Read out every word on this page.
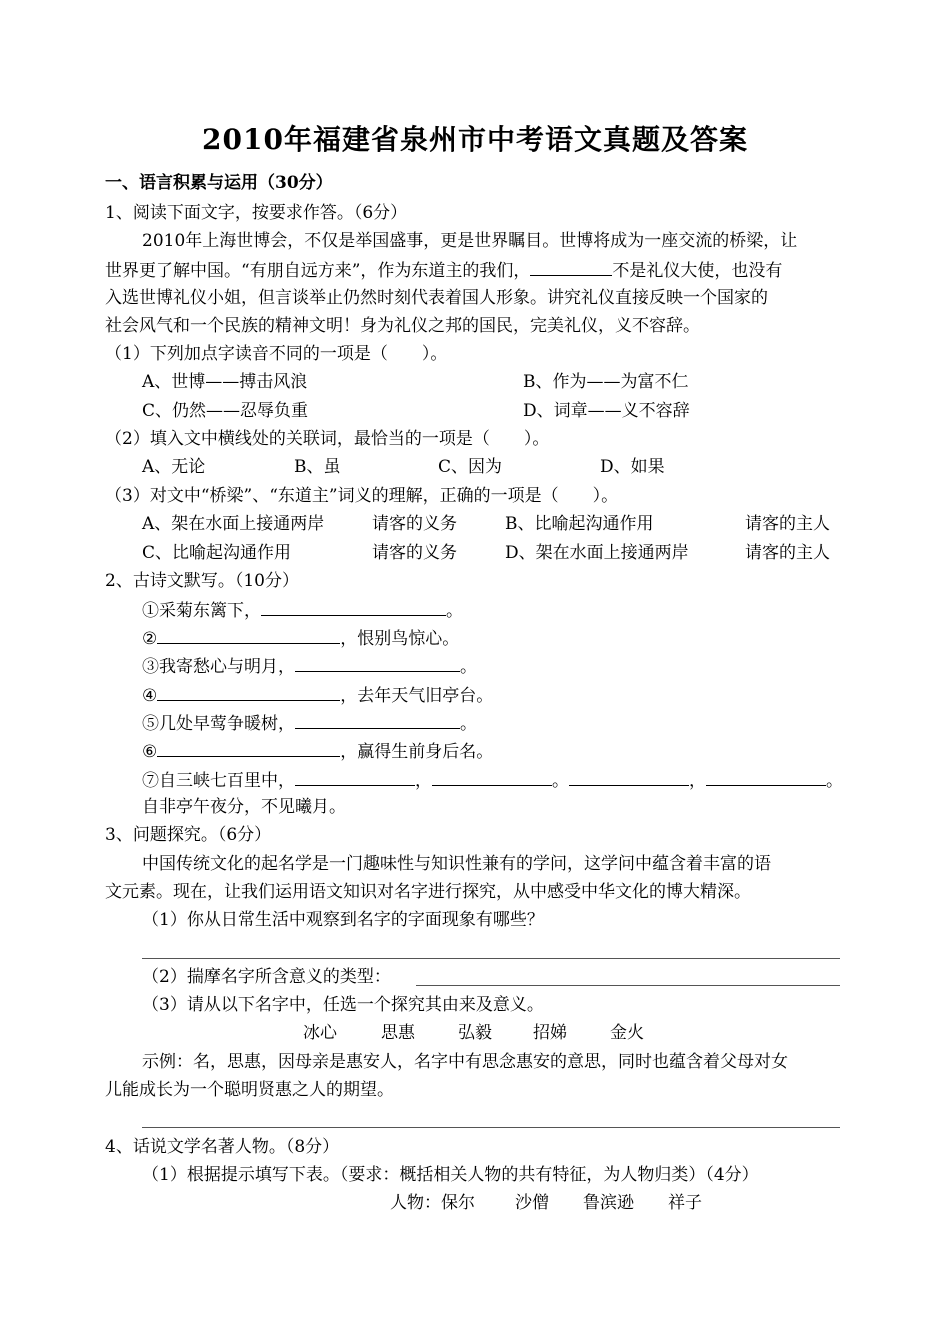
2010年福建省泉州市中考语文真题及答案
一、语言积累与运用（30分）
1、阅读下面文字，按要求作答。（6分）
2010年上海世博会，不仅是举国盛事，更是世界瞩目。世博将成为一座交流的桥梁，让
世界更了解中国。“有朋自远方来”，作为东道主的我们，	不是礼仪大使，也没有
入选世博礼仪小姐，但言谈举止仍然时刻代表着国人形象。讲究礼仪直接反映一个国家的
社会风气和一个民族的精神文明！身为礼仪之邦的国民，完美礼仪，义不容辞。
（1）下列加点字读音不同的一项是（　　）。
A、世博——搏击风浪	B、作为——为富不仁
C、仍然——忍辱负重	D、词章——义不容辞
（2）填入文中横线处的关联词，最恰当的一项是（　　）。
A、无论	B、虽	C、因为	D、如果
（3）对文中“桥梁”、“东道主”词义的理解，正确的一项是（　　）。
A、架在水面上接通两岸	请客的义务	B、比喻起沟通作用	请客的主人
C、比喻起沟通作用	请客的义务	D、架在水面上接通两岸	请客的主人
2、古诗文默写。（10分）
①采菊东篱下，	。
②	，恨别鸟惊心。
③我寄愁心与明月，	。
④	，去年天气旧亭台。
⑤几处早莺争暖树，	。
⑥	，赢得生前身后名。
⑦自三峡七百里中，	，	。	，	。
自非亭午夜分，不见曦月。
3、问题探究。（6分）
中国传统文化的起名学是一门趣味性与知识性兼有的学问，这学问中蕴含着丰富的语
文元素。现在，让我们运用语文知识对名字进行探究，从中感受中华文化的博大精深。
（1）你从日常生活中观察到名字的字面现象有哪些？
（2）揣摩名字所含意义的类型：
（3）请从以下名字中，任选一个探究其由来及意义。
冰心	思惠	弘毅 招娣	金火
示例：名，思惠，因母亲是惠安人，名字中有思念惠安的意思，同时也蕴含着父母对女
儿能成长为一个聪明贤惠之人的期望。
4、话说文学名著人物。（8分）
（1）根据提示填写下表。（要求：概括相关人物的共有特征，为人物归类）（4分）
人物：保尔 沙僧 鲁滨逊 祥子
